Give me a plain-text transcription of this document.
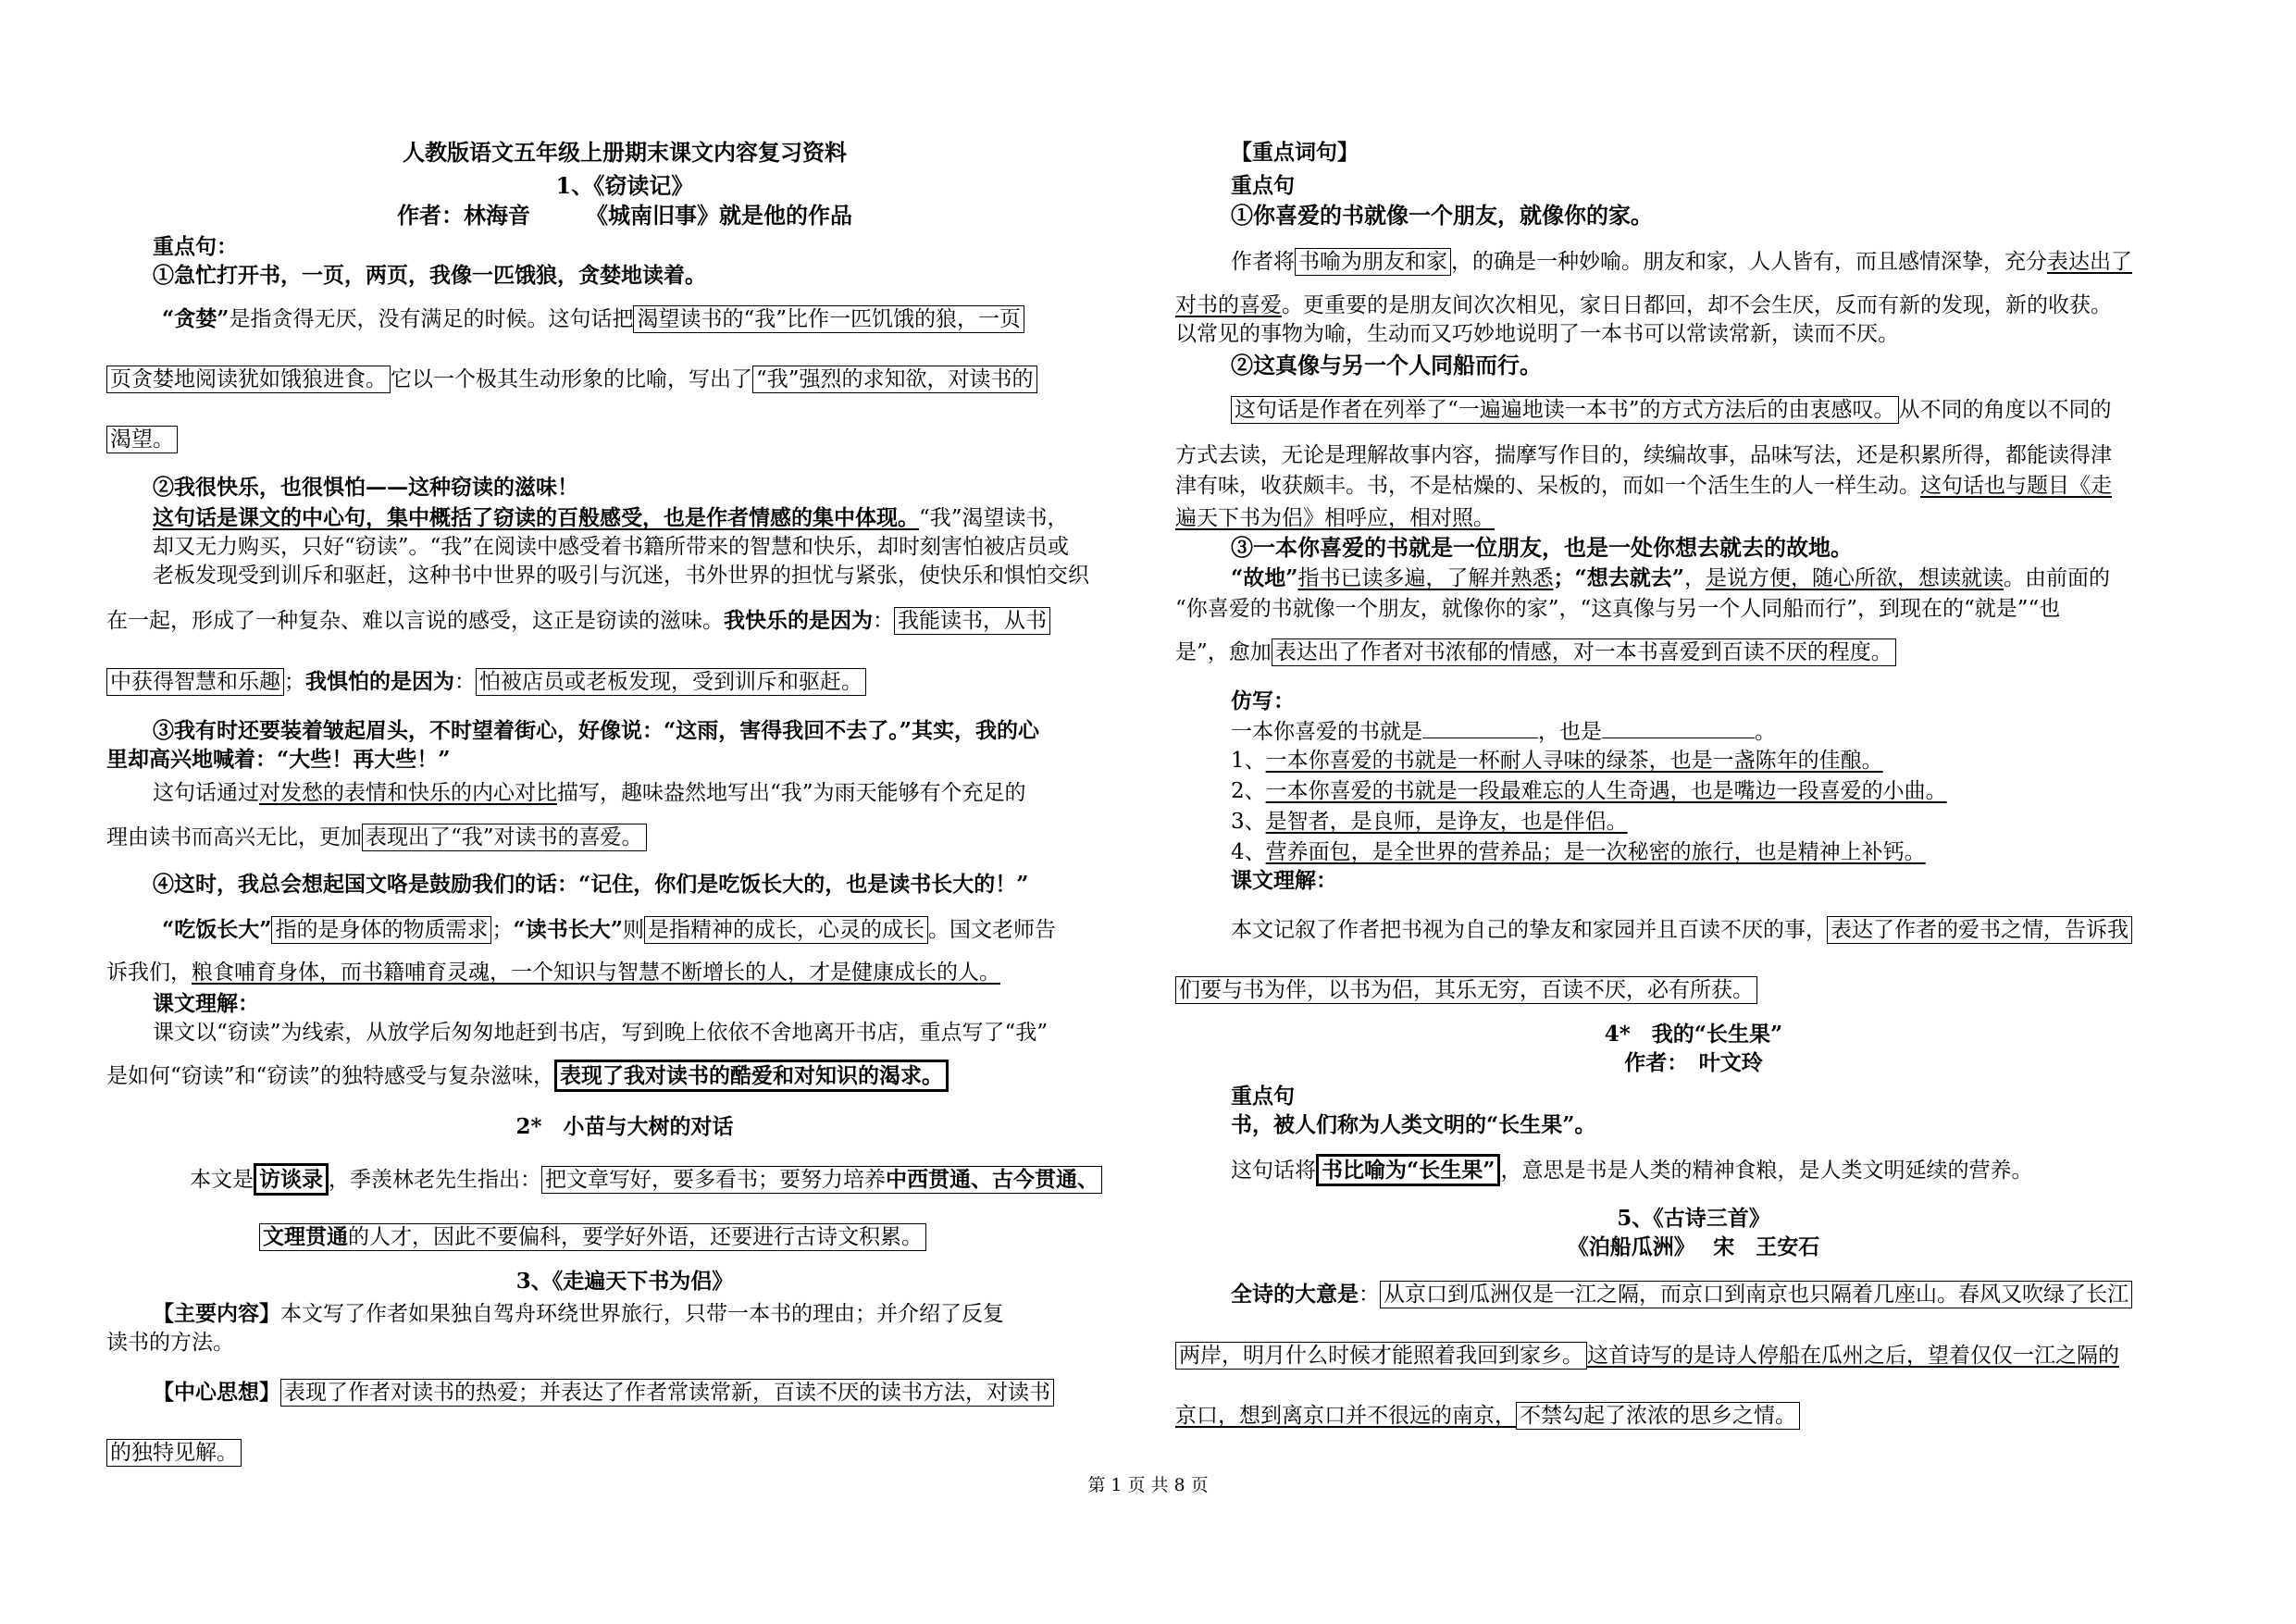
人教版语文五年级上册期末课文内容复习资料
1、《窃读记》
作者：林海音　　　《城南旧事》就是他的作品
重点句：
①急忙打开书，一页，两页，我像一匹饿狼，贪婪地读着。
“贪婪”是指贪得无厌，没有满足的时候。这句话把 渴望读书的“我”比作一匹饥饿的狼，一页
页贪婪地阅读犹如饿狼进食。 它以一个极其生动形象的比喻，写出了 “我”强烈的求知欲，对读书的
渴望。
②我很快乐，也很惧怕——这种窃读的滋味！
这句话是课文的中心句，集中概括了窃读的百般感受，也是作者情感的集中体现。“我”渴望读书，
却又无力购买，只好“窃读”。“我”在阅读中感受着书籍所带来的智慧和快乐，却时刻害怕被店员或
老板发现受到训斥和驱赶，这种书中世界的吸引与沉迷，书外世界的担忧与紧张，使快乐和惧怕交织
在一起，形成了一种复杂、难以言说的感受，这正是窃读的滋味。我快乐的是因为： 我能读书，从书
中获得智慧和乐趣 ；我惧怕的是因为： 怕被店员或老板发现，受到训斥和驱赶。
③我有时还要装着皱起眉头，不时望着街心，好像说：“这雨，害得我回不去了。”其实，我的心
里却高兴地喊着：“大些！再大些！”
这句话通过对发愁的表情和快乐的内心对比描写，趣味盎然地写出“我”为雨天能够有个充足的
理由读书而高兴无比，更加 表现出了“我”对读书的喜爱。
④这时，我总会想起国文咯是鼓励我们的话：“记住，你们是吃饭长大的，也是读书长大的！”
“吃饭长大” 指的是身体的物质需求 ；“读书长大”则 是指精神的成长，心灵的成长 。国文老师告
诉我们，粮食哺育身体，而书籍哺育灵魂，一个知识与智慧不断增长的人，才是健康成长的人。
课文理解：
课文以“窃读”为线索，从放学后匆匆地赶到书店，写到晚上依依不舍地离开书店，重点写了“我”
是如何“窃读”和“窃读”的独特感受与复杂滋味， 表现了我对读书的酷爱和对知识的渴求。
2*　小苗与大树的对话
本文是 访谈录 ，季羡林老先生指出： 把文章写好，要多看书；要努力培养中西贯通、古今贯通、
文理贯通的人才，因此不要偏科，要学好外语，还要进行古诗文积累。
3、《走遍天下书为侣》
【主要内容】本文写了作者如果独自驾舟环绕世界旅行，只带一本书的理由；并介绍了反复
读书的方法。
【中心思想】 表现了作者对读书的热爱；并表达了作者常读常新，百读不厌的读书方法，对读书
的独特见解。
【重点词句】
重点句
①你喜爱的书就像一个朋友，就像你的家。
作者将 书喻为朋友和家 ，的确是一种妙喻。朋友和家，人人皆有，而且感情深挚，充分表达出了
对书的喜爱。更重要的是朋友间次次相见，家日日都回，却不会生厌，反而有新的发现，新的收获。
以常见的事物为喻，生动而又巧妙地说明了一本书可以常读常新，读而不厌。
②这真像与另一个人同船而行。
这句话是作者在列举了“一遍遍地读一本书”的方式方法后的由衷感叹。 从不同的角度以不同的
方式去读，无论是理解故事内容，揣摩写作目的，续编故事，品味写法，还是积累所得，都能读得津
津有味，收获颇丰。书，不是枯燥的、呆板的，而如一个活生生的人一样生动。这句话也与题目《走
遍天下书为侣》相呼应，相对照。
③一本你喜爱的书就是一位朋友，也是一处你想去就去的故地。
“故地”指书已读多遍，了解并熟悉；“想去就去”，是说方便，随心所欲，想读就读。由前面的
“你喜爱的书就像一个朋友，就像你的家”，“这真像与另一个人同船而行”，到现在的“就是”“也
是”，愈加 表达出了作者对书浓郁的情感，对一本书喜爱到百读不厌的程度。
仿写：
一本你喜爱的书就是	，也是	。
1、一本你喜爱的书就是一杯耐人寻味的绿茶，也是一盏陈年的佳酿。
2、一本你喜爱的书就是一段最难忘的人生奇遇，也是嘴边一段喜爱的小曲。
3、是智者，是良师，是诤友，也是伴侣。
4、营养面包，是全世界的营养品；是一次秘密的旅行，也是精神上补钙。
课文理解：
本文记叙了作者把书视为自己的挚友和家园并且百读不厌的事， 表达了作者的爱书之情，告诉我
们要与书为伴，以书为侣，其乐无穷，百读不厌，必有所获。
4*　我的“长生果”
作者：　叶文玲
重点句
书，被人们称为人类文明的“长生果”。
这句话将 书比喻为“长生果” ，意思是书是人类的精神食粮，是人类文明延续的营养。
5、《古诗三首》
《泊船瓜洲》　 宋　王安石
全诗的大意是： 从京口到瓜洲仅是一江之隔，而京口到南京也只隔着几座山。春风又吹绿了长江
两岸，明月什么时候才能照着我回到家乡。 这首诗写的是诗人停船在瓜州之后，望着仅仅一江之隔的
京口，想到离京口并不很远的南京， 不禁勾起了浓浓的思乡之情。
第 1 页 共 8 页
